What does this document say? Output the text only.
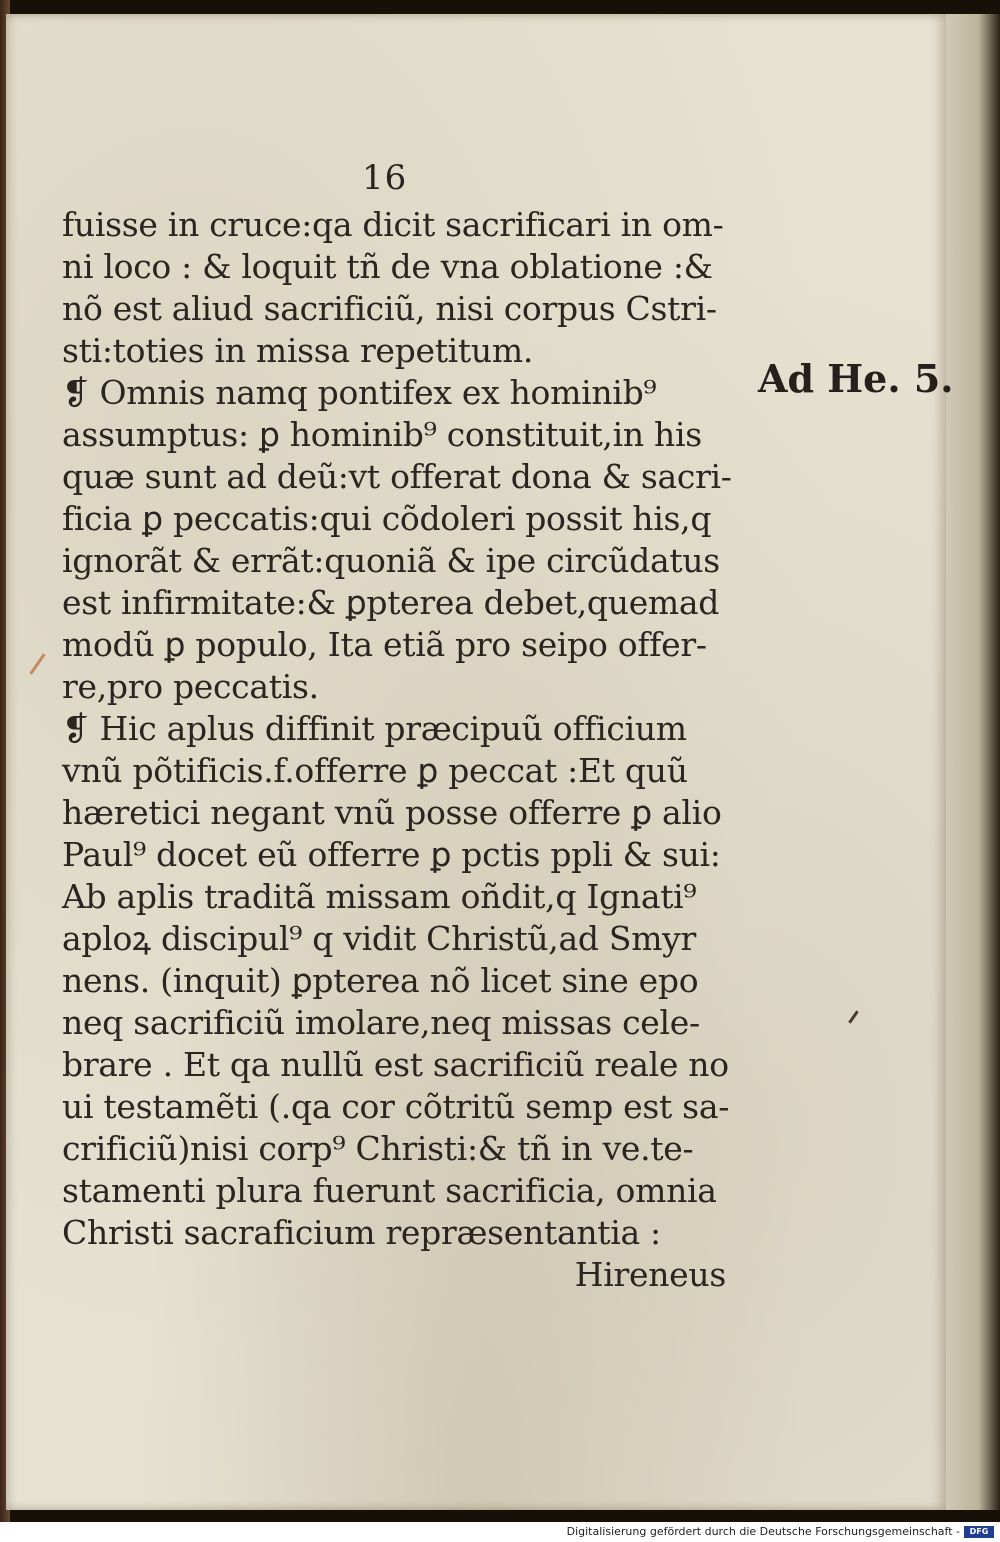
16
Ad He. 5.
fuisse in cruce:qa dicit sacrificari in om-
ni loco : & loquit tñ de vna oblatione :&
nõ est aliud sacrificiũ, nisi corpus Cstri-
sti:toties in missa repetitum.
❡ Omnis namq pontifex ex hominib⁹
assumptus: ꝑ hominib⁹ constituit,in his
quæ sunt ad deũ:vt offerat dona & sacri-
ficia ꝑ peccatis:qui cõdoleri possit his,q
ignorãt & errãt:quoniã & ipe circũdatus
est infirmitate:& ꝑpterea debet,quemad
modũ ꝑ populo, Ita etiã pro seipo offer-
re,pro peccatis.
❡ Hic aplus diffinit præcipuũ officium
vnũ põtificis.f.offerre ꝑ peccat :Et quũ
hæretici negant vnũ posse offerre ꝑ alio
Paul⁹ docet eũ offerre ꝑ pctis ppli & sui:
Ab aplis traditã missam oñdit,q Ignati⁹
aploꝝ discipul⁹ q vidit Christũ,ad Smyr
nens. (inquit) ꝑpterea nõ licet sine epo
neq sacrificiũ imolare,neq missas cele-
brare . Et qa nullũ est sacrificiũ reale no
ui testamẽti (.qa cor cõtritũ semp est sa-
crificiũ)nisi corp⁹ Christi:& tñ in ve.te-
stamenti plura fuerunt sacrificia, omnia
Christi sacraficium repræsentantia :
Hireneus
Digitalisierung gefördert durch die Deutsche Forschungsgemeinschaft -	DFG
